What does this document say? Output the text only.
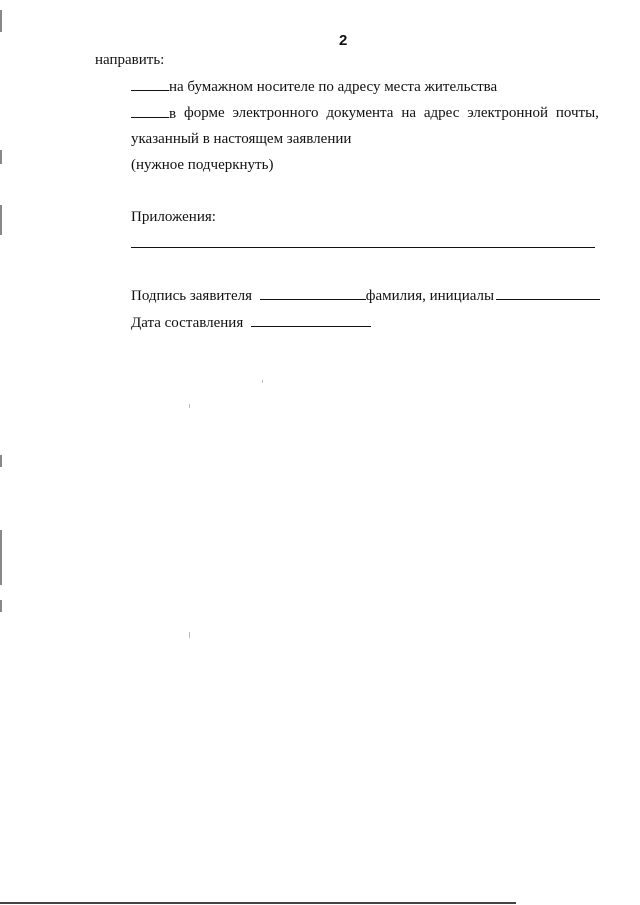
2
направить:
на бумажном носителе по адресу места жительства
в форме электронного документа на адрес электронной почты,
указанный в настоящем заявлении
(нужное подчеркнуть)
Приложения:
Подпись заявителя	фамилия, инициалы
Дата составления
